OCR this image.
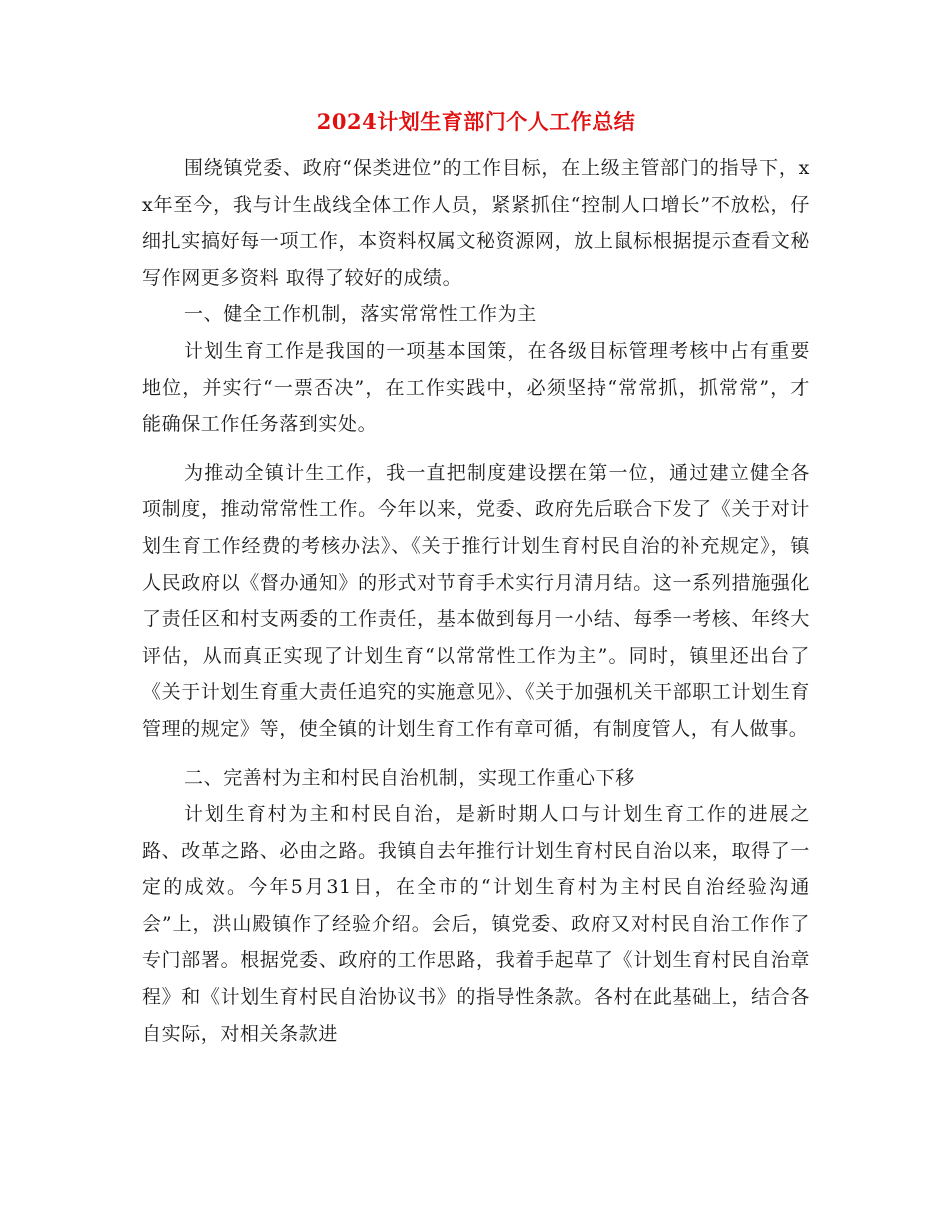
2024计划生育部门个人工作总结

围绕镇党委、政府“保类进位”的工作目标，在上级主管部门的指导下，xx年至今，我与计生战线全体工作人员，紧紧抓住“控制人口增长”不放松，仔细扎实搞好每一项工作，本资料权属文秘资源网，放上鼠标根据提示查看文秘写作网更多资料 取得了较好的成绩。

一、健全工作机制，落实常常性工作为主

计划生育工作是我国的一项基本国策，在各级目标管理考核中占有重要地位，并实行“一票否决”，在工作实践中，必须坚持“常常抓，抓常常”，才能确保工作任务落到实处。

为推动全镇计生工作，我一直把制度建设摆在第一位，通过建立健全各项制度，推动常常性工作。今年以来，党委、政府先后联合下发了《关于对计划生育工作经费的考核办法》、《关于推行计划生育村民自治的补充规定》，镇人民政府以《督办通知》的形式对节育手术实行月清月结。这一系列措施强化了责任区和村支两委的工作责任，基本做到每月一小结、每季一考核、年终大评估，从而真正实现了计划生育“以常常性工作为主”。同时，镇里还出台了《关于计划生育重大责任追究的实施意见》、《关于加强机关干部职工计划生育管理的规定》等，使全镇的计划生育工作有章可循，有制度管人，有人做事。

二、完善村为主和村民自治机制，实现工作重心下移

计划生育村为主和村民自治，是新时期人口与计划生育工作的进展之路、改革之路、必由之路。我镇自去年推行计划生育村民自治以来，取得了一定的成效。今年5月31日，在全市的“计划生育村为主村民自治经验沟通会”上，洪山殿镇作了经验介绍。会后，镇党委、政府又对村民自治工作作了专门部署。根据党委、政府的工作思路，我着手起草了《计划生育村民自治章程》和《计划生育村民自治协议书》的指导性条款。各村在此基础上，结合各自实际，对相关条款进
